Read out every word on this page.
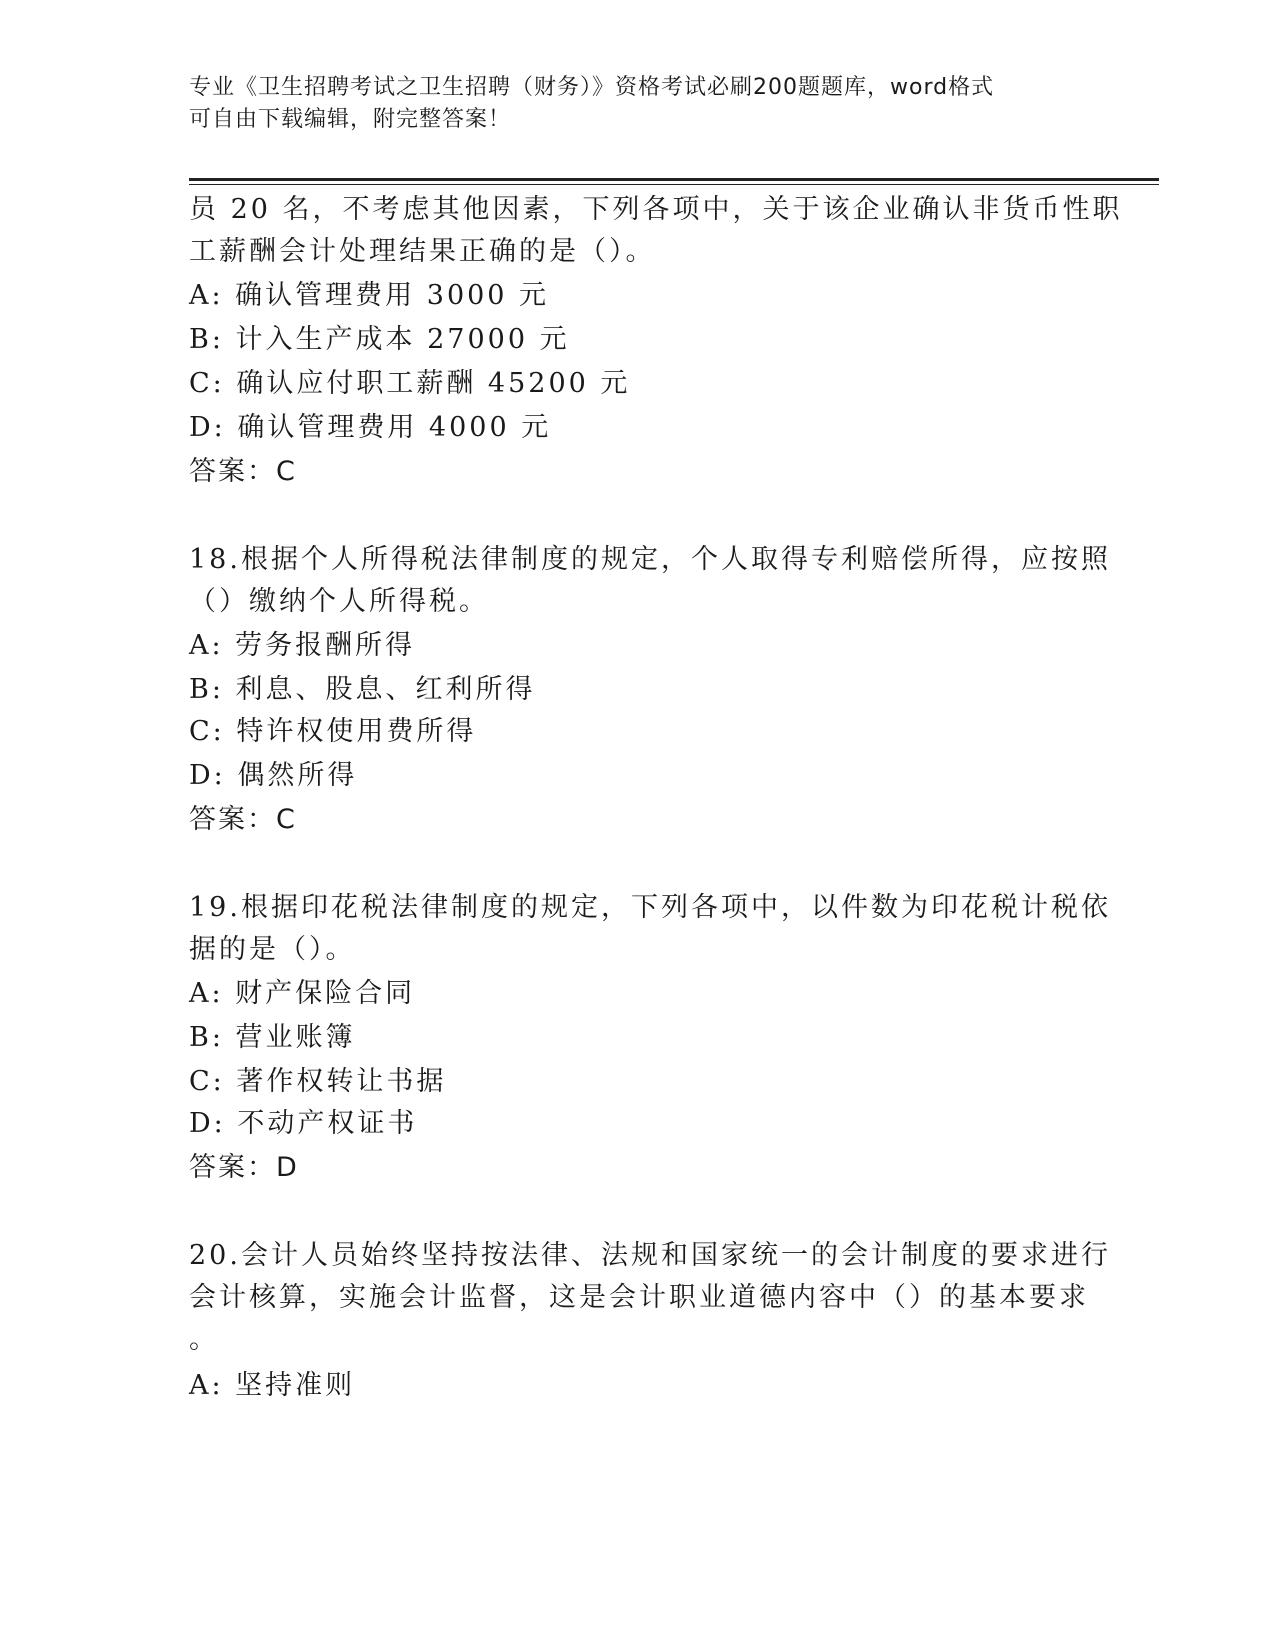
专业《卫生招聘考试之卫生招聘（财务）》资格考试必刷200题题库，word格式
可自由下载编辑，附完整答案！
员 20 名，不考虑其他因素，下列各项中，关于该企业确认非货币性职
工薪酬会计处理结果正确的是（）。
A: 确认管理费用 3000 元
B: 计入生产成本 27000 元
C: 确认应付职工薪酬 45200 元
D: 确认管理费用 4000 元
答案：C
18.根据个人所得税法律制度的规定，个人取得专利赔偿所得，应按照
（）缴纳个人所得税。
A: 劳务报酬所得
B: 利息、股息、红利所得
C: 特许权使用费所得
D: 偶然所得
答案：C
19.根据印花税法律制度的规定，下列各项中，以件数为印花税计税依
据的是（）。
A: 财产保险合同
B: 营业账簿
C: 著作权转让书据
D: 不动产权证书
答案：D
20.会计人员始终坚持按法律、法规和国家统一的会计制度的要求进行
会计核算，实施会计监督，这是会计职业道德内容中（）的基本要求
。
A: 坚持准则
